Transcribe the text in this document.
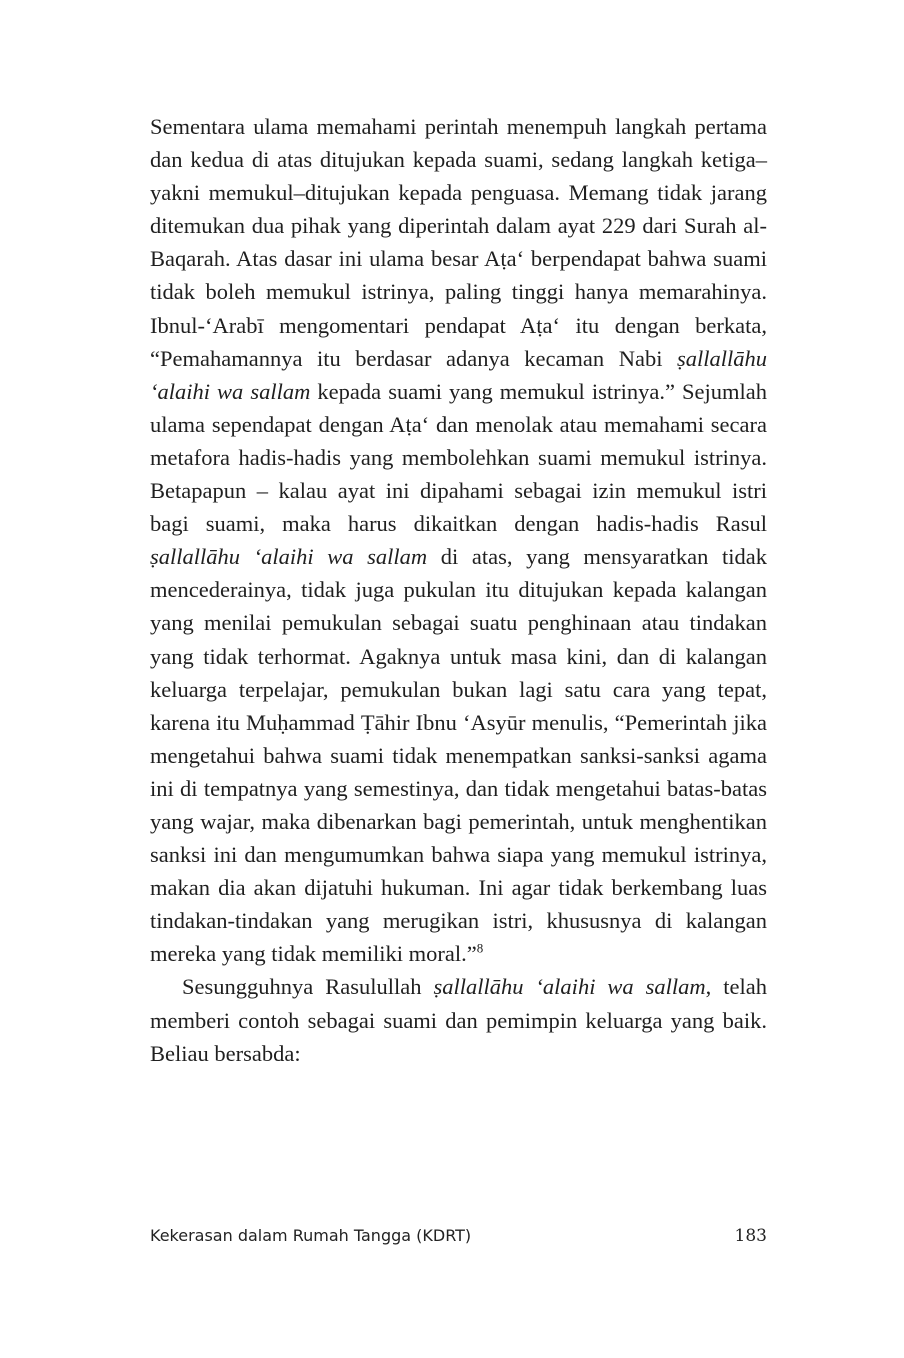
Sementara ulama memahami perintah menempuh langkah pertama dan kedua di atas ditujukan kepada suami, sedang langkah ketiga–yakni memukul–ditujukan kepada penguasa. Memang tidak jarang ditemukan dua pihak yang diperintah dalam ayat 229 dari Surah al-Baqarah. Atas dasar ini ulama besar Aṭa‘ berpendapat bahwa suami tidak boleh memukul istrinya, paling tinggi hanya memarahinya. Ibnul-‘Arabī mengomentari pendapat Aṭa‘ itu dengan berkata, “Pemahamannya itu berdasar adanya kecaman Nabi ṣallallāhu ‘alaihi wa sallam kepada suami yang memukul istrinya.” Sejumlah ulama sependapat dengan Aṭa‘ dan menolak atau memahami secara metafora hadis-hadis yang membolehkan suami memukul istrinya. Betapapun – kalau ayat ini dipahami sebagai izin memukul istri bagi suami, maka harus dikaitkan dengan hadis-hadis Rasul ṣallallāhu ‘alaihi wa sallam di atas, yang mensyaratkan tidak mencederainya, tidak juga pukulan itu ditujukan kepada kalangan yang menilai pemukulan sebagai suatu penghinaan atau tindakan yang tidak terhormat. Agaknya untuk masa kini, dan di kalangan keluarga terpelajar, pemukulan bukan lagi satu cara yang tepat, karena itu Muḥammad Ṭāhir Ibnu ‘Asyūr menulis, “Pemerintah jika mengetahui bahwa suami tidak menempatkan sanksi-sanksi agama ini di tempatnya yang semestinya, dan tidak mengetahui batas-batas yang wajar, maka dibenarkan bagi pemerintah, untuk menghentikan sanksi ini dan mengumumkan bahwa siapa yang memukul istrinya, makan dia akan dijatuhi hukuman. Ini agar tidak berkembang luas tindakan-tindakan yang merugikan istri, khususnya di kalangan mereka yang tidak memiliki moral.”$^8$

Sesungguhnya Rasulullah ṣallallāhu ‘alaihi wa sallam, telah memberi contoh sebagai suami dan pemimpin keluarga yang baik. Beliau bersabda:

Kekerasan dalam Rumah Tangga (KDRT)	183
